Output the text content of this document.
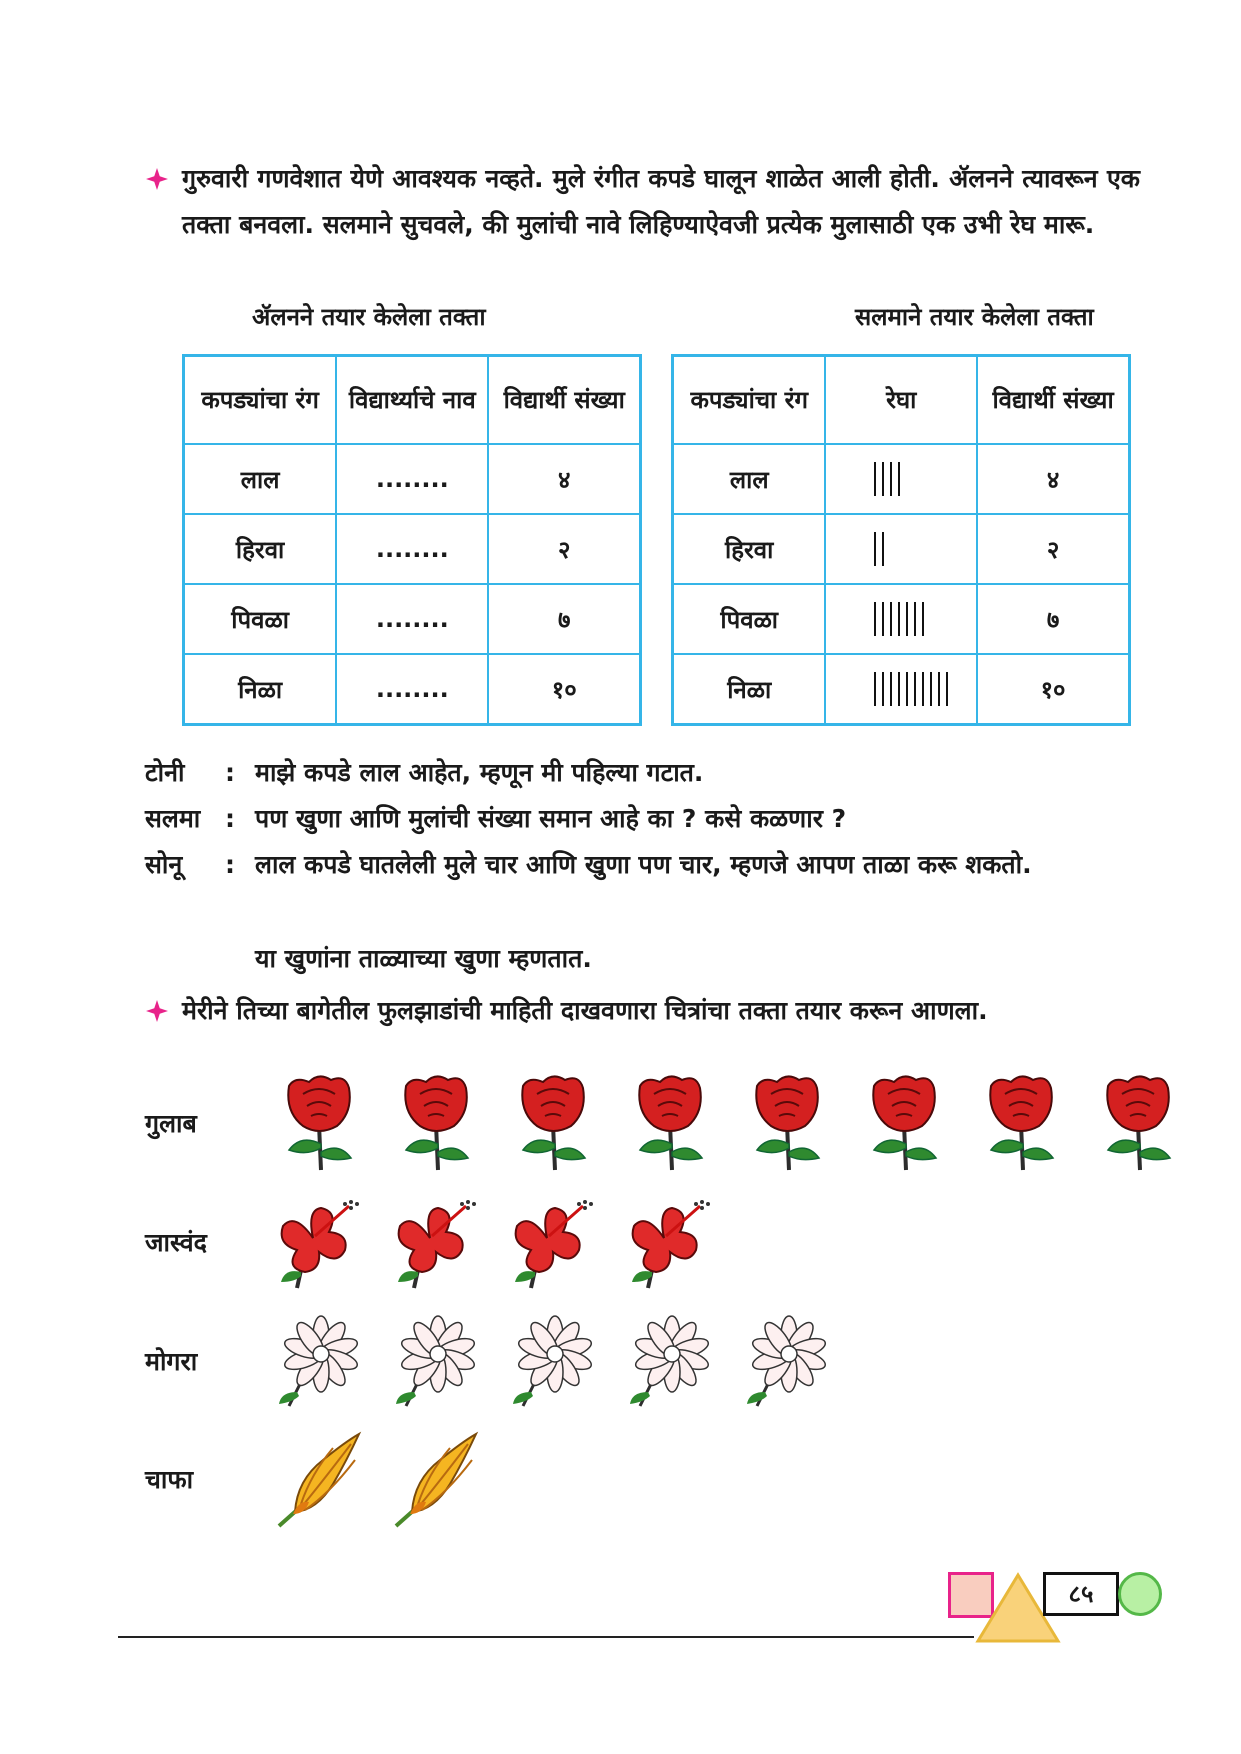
गुरुवारी गणवेशात येणे आवश्यक नव्हते. मुले रंगीत कपडे घालून शाळेत आली होती. ॲलनने त्यावरून एक तक्ता बनवला. सलमाने सुचवले, की मुलांची नावे लिहिण्याऐवजी प्रत्येक मुलासाठी एक उभी रेघ मारू.
ॲलनने तयार केलेला तक्ता	सलमाने तयार केलेला तक्ता
कपड्यांचा रंग	विद्यार्थ्याचे नाव	विद्यार्थी संख्या
लाल	........	४
हिरवा	........	२
पिवळा	........	७
निळा	........	१०
कपड्यांचा रंग	रेघा	विद्यार्थी संख्या
लाल		४
हिरवा		२
पिवळा		७
निळा		१०
टोनी	: माझे कपडे लाल आहेत, म्हणून मी पहिल्या गटात.
सलमा : पण खुणा आणि मुलांची संख्या समान आहे का ? कसे कळणार ?
सोनू	: लाल कपडे घातलेली मुले चार आणि खुणा पण चार, म्हणजे आपण ताळा करू शकतो.
या खुणांना ताळ्याच्या खुणा म्हणतात.
मेरीने तिच्या बागेतील फुलझाडांची माहिती दाखवणारा चित्रांचा तक्ता तयार करून आणला.
गुलाब
जास्वंद
मोगरा
चाफा
८५
